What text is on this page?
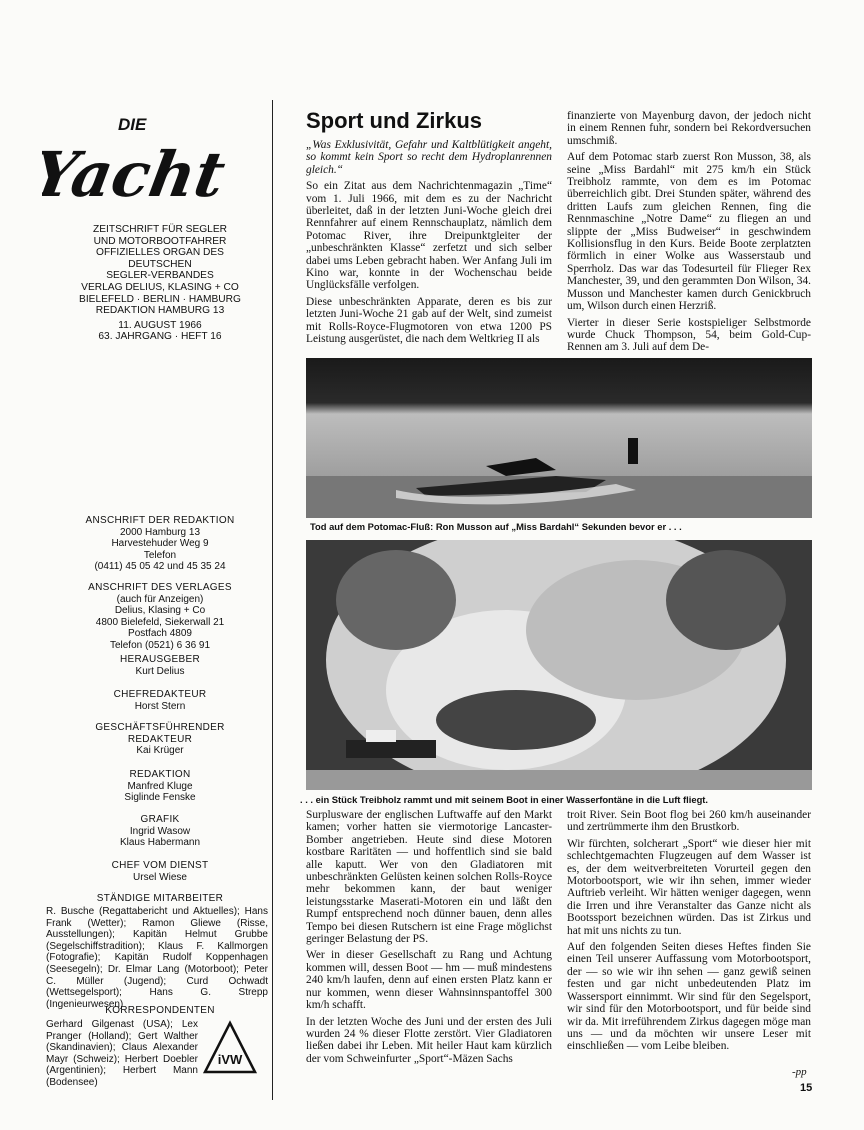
DIE
Yacht
ZEITSCHRIFT FÜR SEGLER
UND MOTORBOOTFAHRER
OFFIZIELLES ORGAN DES
DEUTSCHEN
SEGLER-VERBANDES
VERLAG DELIUS, KLASING + CO
BIELEFELD · BERLIN · HAMBURG
REDAKTION HAMBURG 13
11. AUGUST 1966
63. JAHRGANG · HEFT 16
ANSCHRIFT DER REDAKTION
2000 Hamburg 13
Harvestehuder Weg 9
Telefon
(0411) 45 05 42 und 45 35 24
ANSCHRIFT DES VERLAGES
(auch für Anzeigen)
Delius, Klasing + Co
4800 Bielefeld, Siekerwall 21
Postfach 4809
Telefon (0521) 6 36 91
HERAUSGEBER
Kurt Delius
CHEFREDAKTEUR
Horst Stern
GESCHÄFTSFÜHRENDER
REDAKTEUR
Kai Krüger
REDAKTION
Manfred Kluge
Siglinde Fenske
GRAFIK
Ingrid Wasow
Klaus Habermann
CHEF VOM DIENST
Ursel Wiese
STÄNDIGE MITARBEITER
R. Busche (Regattabericht und Aktuelles); Hans Frank (Wetter); Ramon Gliewe (Risse, Ausstellungen); Kapitän Helmut Grubbe (Segelschiffstradition); Klaus F. Kallmorgen (Fotografie); Kapitän Rudolf Koppenhagen (Seesegeln); Dr. Elmar Lang (Motorboot); Peter C. Müller (Jugend); Curd Ochwadt (Wettsegelsport); Hans G. Strepp (Ingenieurwesen)
KORRESPONDENTEN
Gerhard Gilgenast (USA); Lex Pranger (Holland); Gert Walther (Skandinavien); Claus Alexander Mayr (Schweiz); Herbert Doebler (Argentinien); Herbert Mann (Bodensee)
iVW
Sport und Zirkus

„Was Exklusivität, Gefahr und Kaltblütigkeit angeht, so kommt kein Sport so recht dem Hydroplanrennen gleich.“

So ein Zitat aus dem Nachrichtenmagazin „Time“ vom 1. Juli 1966, mit dem es zu der Nachricht überleitet, daß in der letzten Juni-Woche gleich drei Rennfahrer auf einem Rennschauplatz, nämlich dem Potomac River, ihre Dreipunktgleiter der „unbeschränkten Klasse“ zerfetzt und sich selber dabei ums Leben gebracht haben. Wer Anfang Juli im Kino war, konnte in der Wochenschau beide Unglücksfälle verfolgen.

Diese unbeschränkten Apparate, deren es bis zur letzten Juni-Woche 21 gab auf der Welt, sind zumeist mit Rolls-Royce-Flugmotoren von etwa 1200 PS Leistung ausgerüstet, die nach dem Weltkrieg II als

finanzierte von Mayenburg davon, der jedoch nicht in einem Rennen fuhr, sondern bei Rekordversuchen umschmiß.

Auf dem Potomac starb zuerst Ron Musson, 38, als seine „Miss Bardahl“ mit 275 km/h ein Stück Treibholz rammte, von dem es im Potomac überreichlich gibt. Drei Stunden später, während des dritten Laufs zum gleichen Rennen, fing die Rennmaschine „Notre Dame“ zu fliegen an und slippte der „Miss Budweiser“ in geschwindem Kollisionsflug in den Kurs. Beide Boote zerplatzten förmlich in einer Wolke aus Wasserstaub und Sperrholz. Das war das Todesurteil für Flieger Rex Manchester, 39, und den gerammten Don Wilson, 34. Musson und Manchester kamen durch Genickbruch um, Wilson durch einen Herzriß.

Vierter in dieser Serie kostspieliger Selbstmorde wurde Chuck Thompson, 54, beim Gold-Cup-Rennen am 3. Juli auf dem De-

Tod auf dem Potomac-Fluß: Ron Musson auf „Miss Bardahl“ Sekunden bevor er . . .
. . . ein Stück Treibholz rammt und mit seinem Boot in einer Wasserfontäne in die Luft fliegt.

Surplusware der englischen Luftwaffe auf den Markt kamen; vorher hatten sie viermotorige Lancaster-Bomber angetrieben. Heute sind diese Motoren kostbare Raritäten — und hoffentlich sind sie bald alle kaputt. Wer von den Gladiatoren mit unbeschränkten Gelüsten keinen solchen Rolls-Royce mehr bekommen kann, der baut weniger leistungsstarke Maserati-Motoren ein und läßt den Rumpf entsprechend noch dünner bauen, denn alles Tempo bei diesen Rutschern ist eine Frage möglichst geringer Belastung der PS.

Wer in dieser Gesellschaft zu Rang und Achtung kommen will, dessen Boot — hm — muß mindestens 240 km/h laufen, denn auf einen ersten Platz kann er nur kommen, wenn dieser Wahnsinnspantoffel 300 km/h schafft.

In der letzten Woche des Juni und der ersten des Juli wurden 24 % dieser Flotte zerstört. Vier Gladiatoren ließen dabei ihr Leben. Mit heiler Haut kam kürzlich der vom Schweinfurter „Sport“-Mäzen Sachs

troit River. Sein Boot flog bei 260 km/h auseinander und zertrümmerte ihm den Brustkorb.

Wir fürchten, solcherart „Sport“ wie dieser hier mit schlechtgemachten Flugzeugen auf dem Wasser ist es, der dem weitverbreiteten Vorurteil gegen den Motorbootsport, wie wir ihn sehen, immer wieder Auftrieb verleiht. Wir hätten weniger dagegen, wenn die Irren und ihre Veranstalter das Ganze nicht als Bootssport bezeichnen würden. Das ist Zirkus und hat mit uns nichts zu tun.

Auf den folgenden Seiten dieses Heftes finden Sie einen Teil unserer Auffassung vom Motorbootsport, der — so wie wir ihn sehen — ganz gewiß seinen festen und gar nicht unbedeutenden Platz im Wassersport einnimmt. Wir sind für den Segelsport, wir sind für den Motorbootsport, und für beide sind wir da. Mit irreführendem Zirkus dagegen möge man uns — und da möchten wir unsere Leser mit einschließen — vom Leibe bleiben.

-pp
15
